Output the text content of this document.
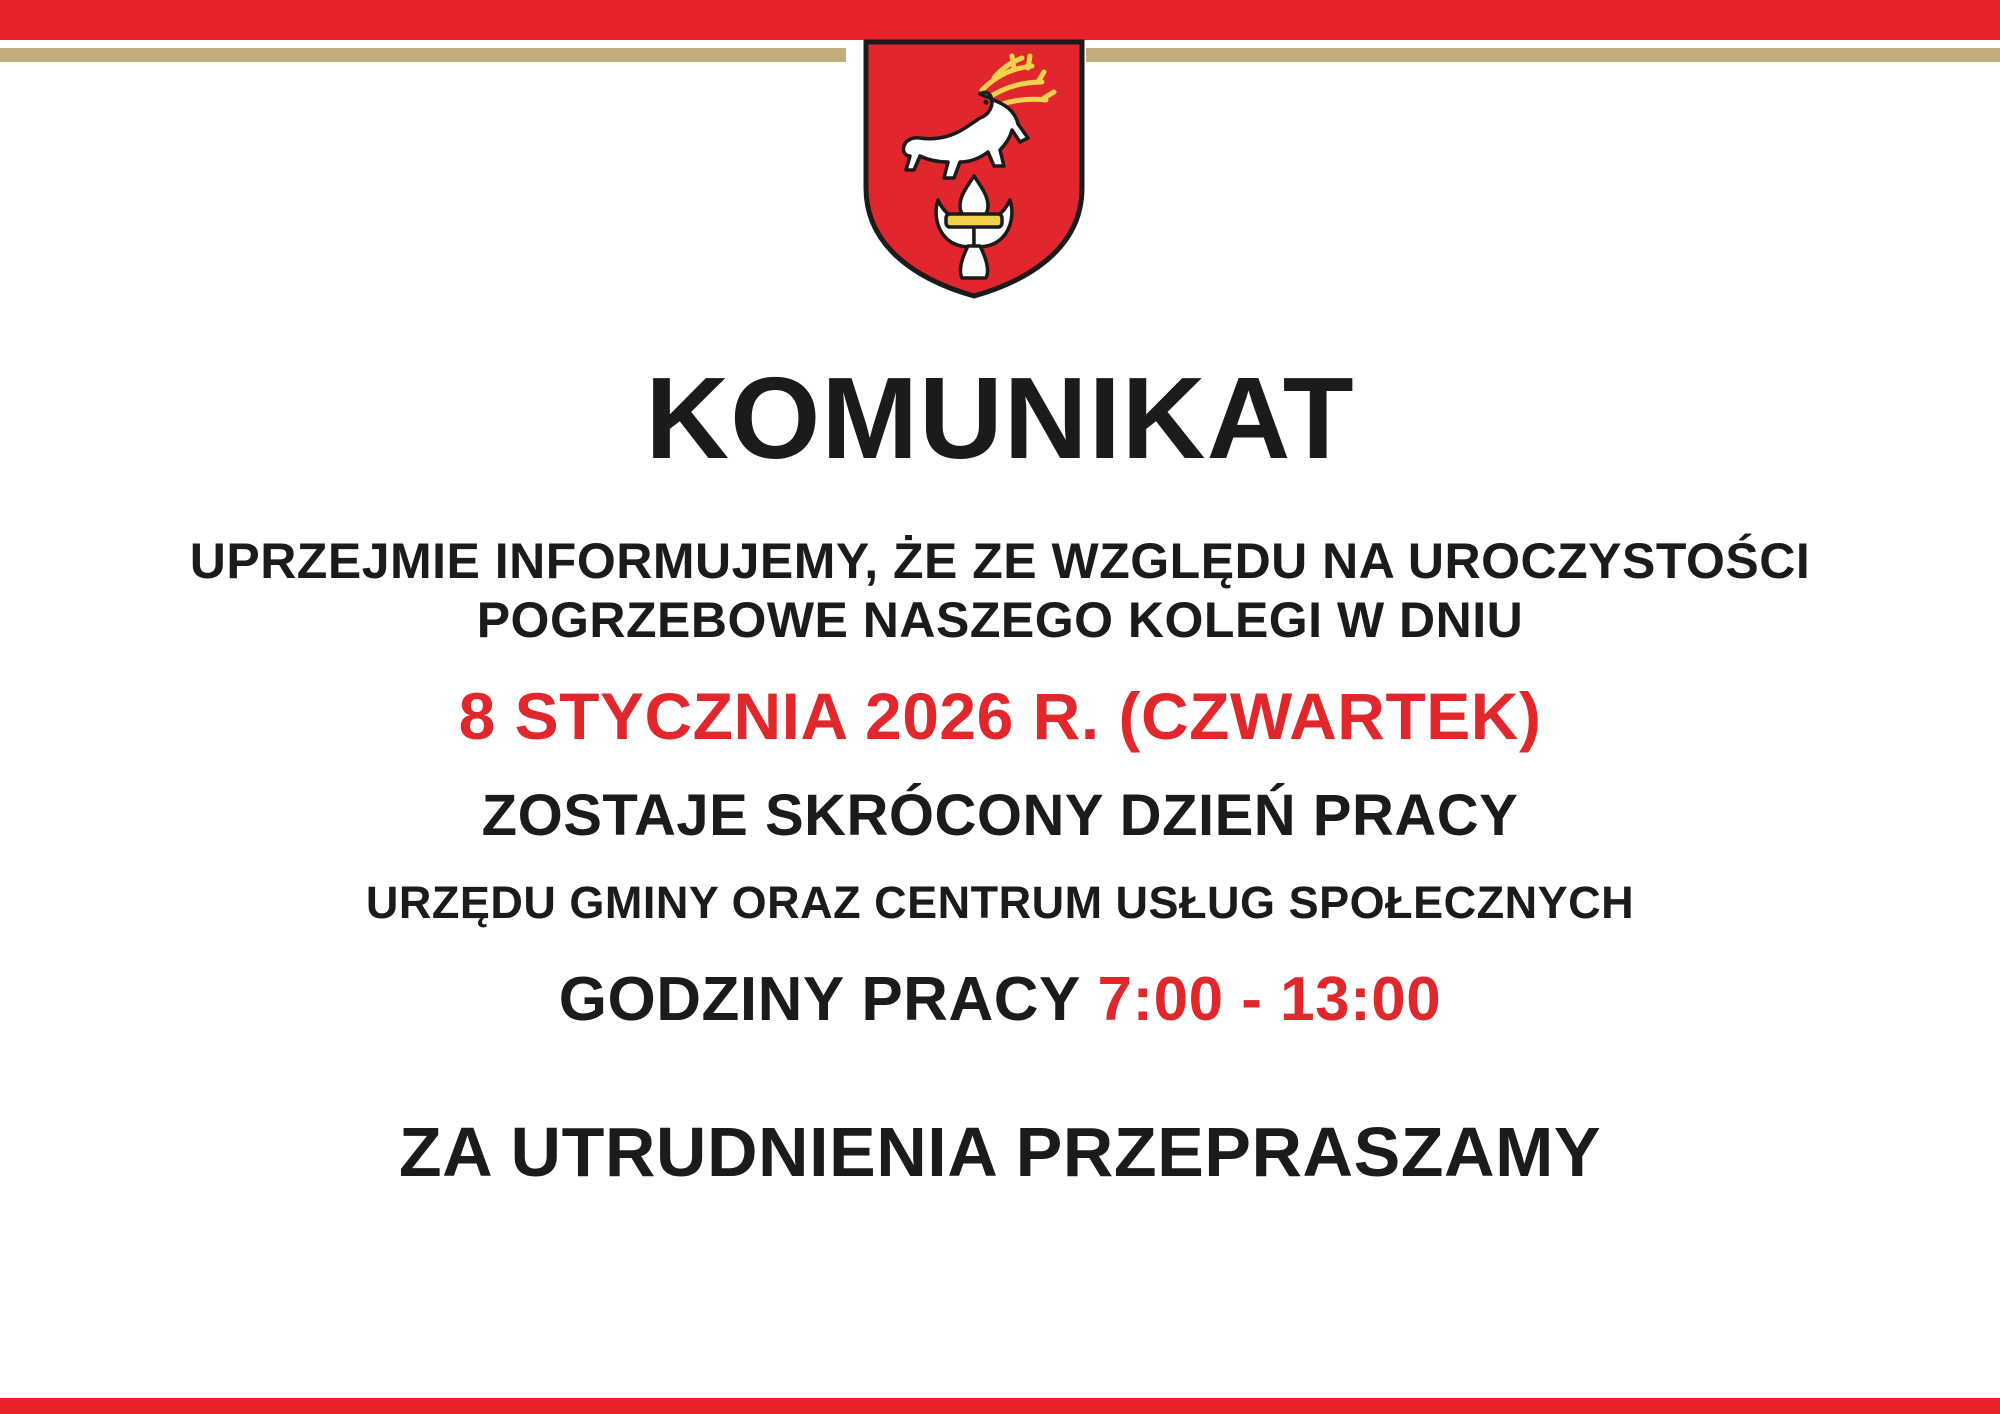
KOMUNIKAT

UPRZEJMIE INFORMUJEMY, ŻE ZE WZGLĘDU NA UROCZYSTOŚCI

POGRZEBOWE NASZEGO KOLEGI W DNIU

8 STYCZNIA 2026 R. (CZWARTEK)

ZOSTAJE SKRÓCONY DZIEŃ PRACY

URZĘDU GMINY ORAZ CENTRUM USŁUG SPOŁECZNYCH

GODZINY PRACY 7:00 - 13:00

ZA UTRUDNIENIA PRZEPRASZAMY
